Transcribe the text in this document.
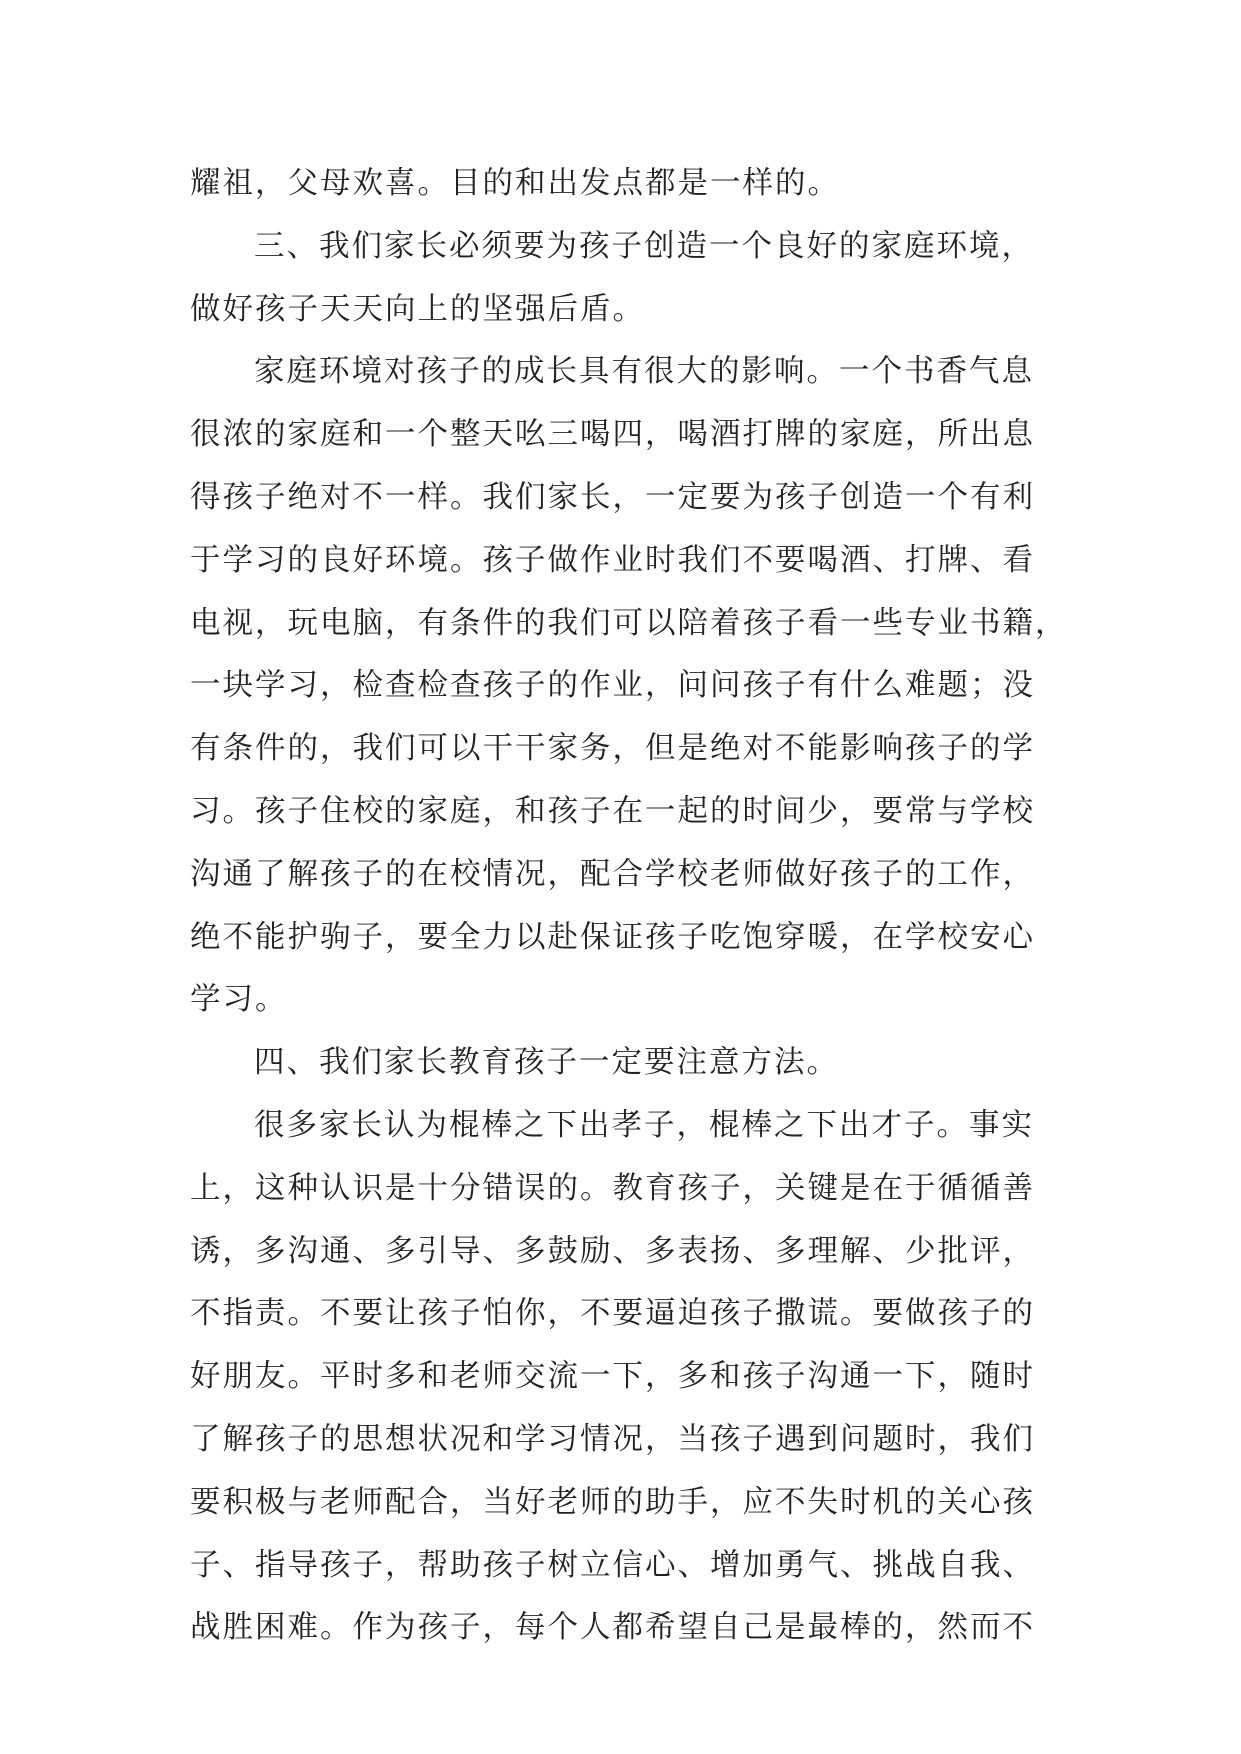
耀祖，父母欢喜。目的和出发点都是一样的。
三、我们家长必须要为孩子创造一个良好的家庭环境，
做好孩子天天向上的坚强后盾。
家庭环境对孩子的成长具有很大的影响。一个书香气息
很浓的家庭和一个整天吆三喝四，喝酒打牌的家庭，所出息
得孩子绝对不一样。我们家长，一定要为孩子创造一个有利
于学习的良好环境。孩子做作业时我们不要喝酒、打牌、看
电视，玩电脑，有条件的我们可以陪着孩子看一些专业书籍，
一块学习，检查检查孩子的作业，问问孩子有什么难题；没
有条件的，我们可以干干家务，但是绝对不能影响孩子的学
习。孩子住校的家庭，和孩子在一起的时间少，要常与学校
沟通了解孩子的在校情况，配合学校老师做好孩子的工作，
绝不能护驹子，要全力以赴保证孩子吃饱穿暖，在学校安心
学习。
四、我们家长教育孩子一定要注意方法。
很多家长认为棍棒之下出孝子，棍棒之下出才子。事实
上，这种认识是十分错误的。教育孩子，关键是在于循循善
诱，多沟通、多引导、多鼓励、多表扬、多理解、少批评，
不指责。不要让孩子怕你，不要逼迫孩子撒谎。要做孩子的
好朋友。平时多和老师交流一下，多和孩子沟通一下，随时
了解孩子的思想状况和学习情况，当孩子遇到问题时，我们
要积极与老师配合，当好老师的助手，应不失时机的关心孩
子、指导孩子，帮助孩子树立信心、增加勇气、挑战自我、
战胜困难。作为孩子，每个人都希望自己是最棒的，然而不
